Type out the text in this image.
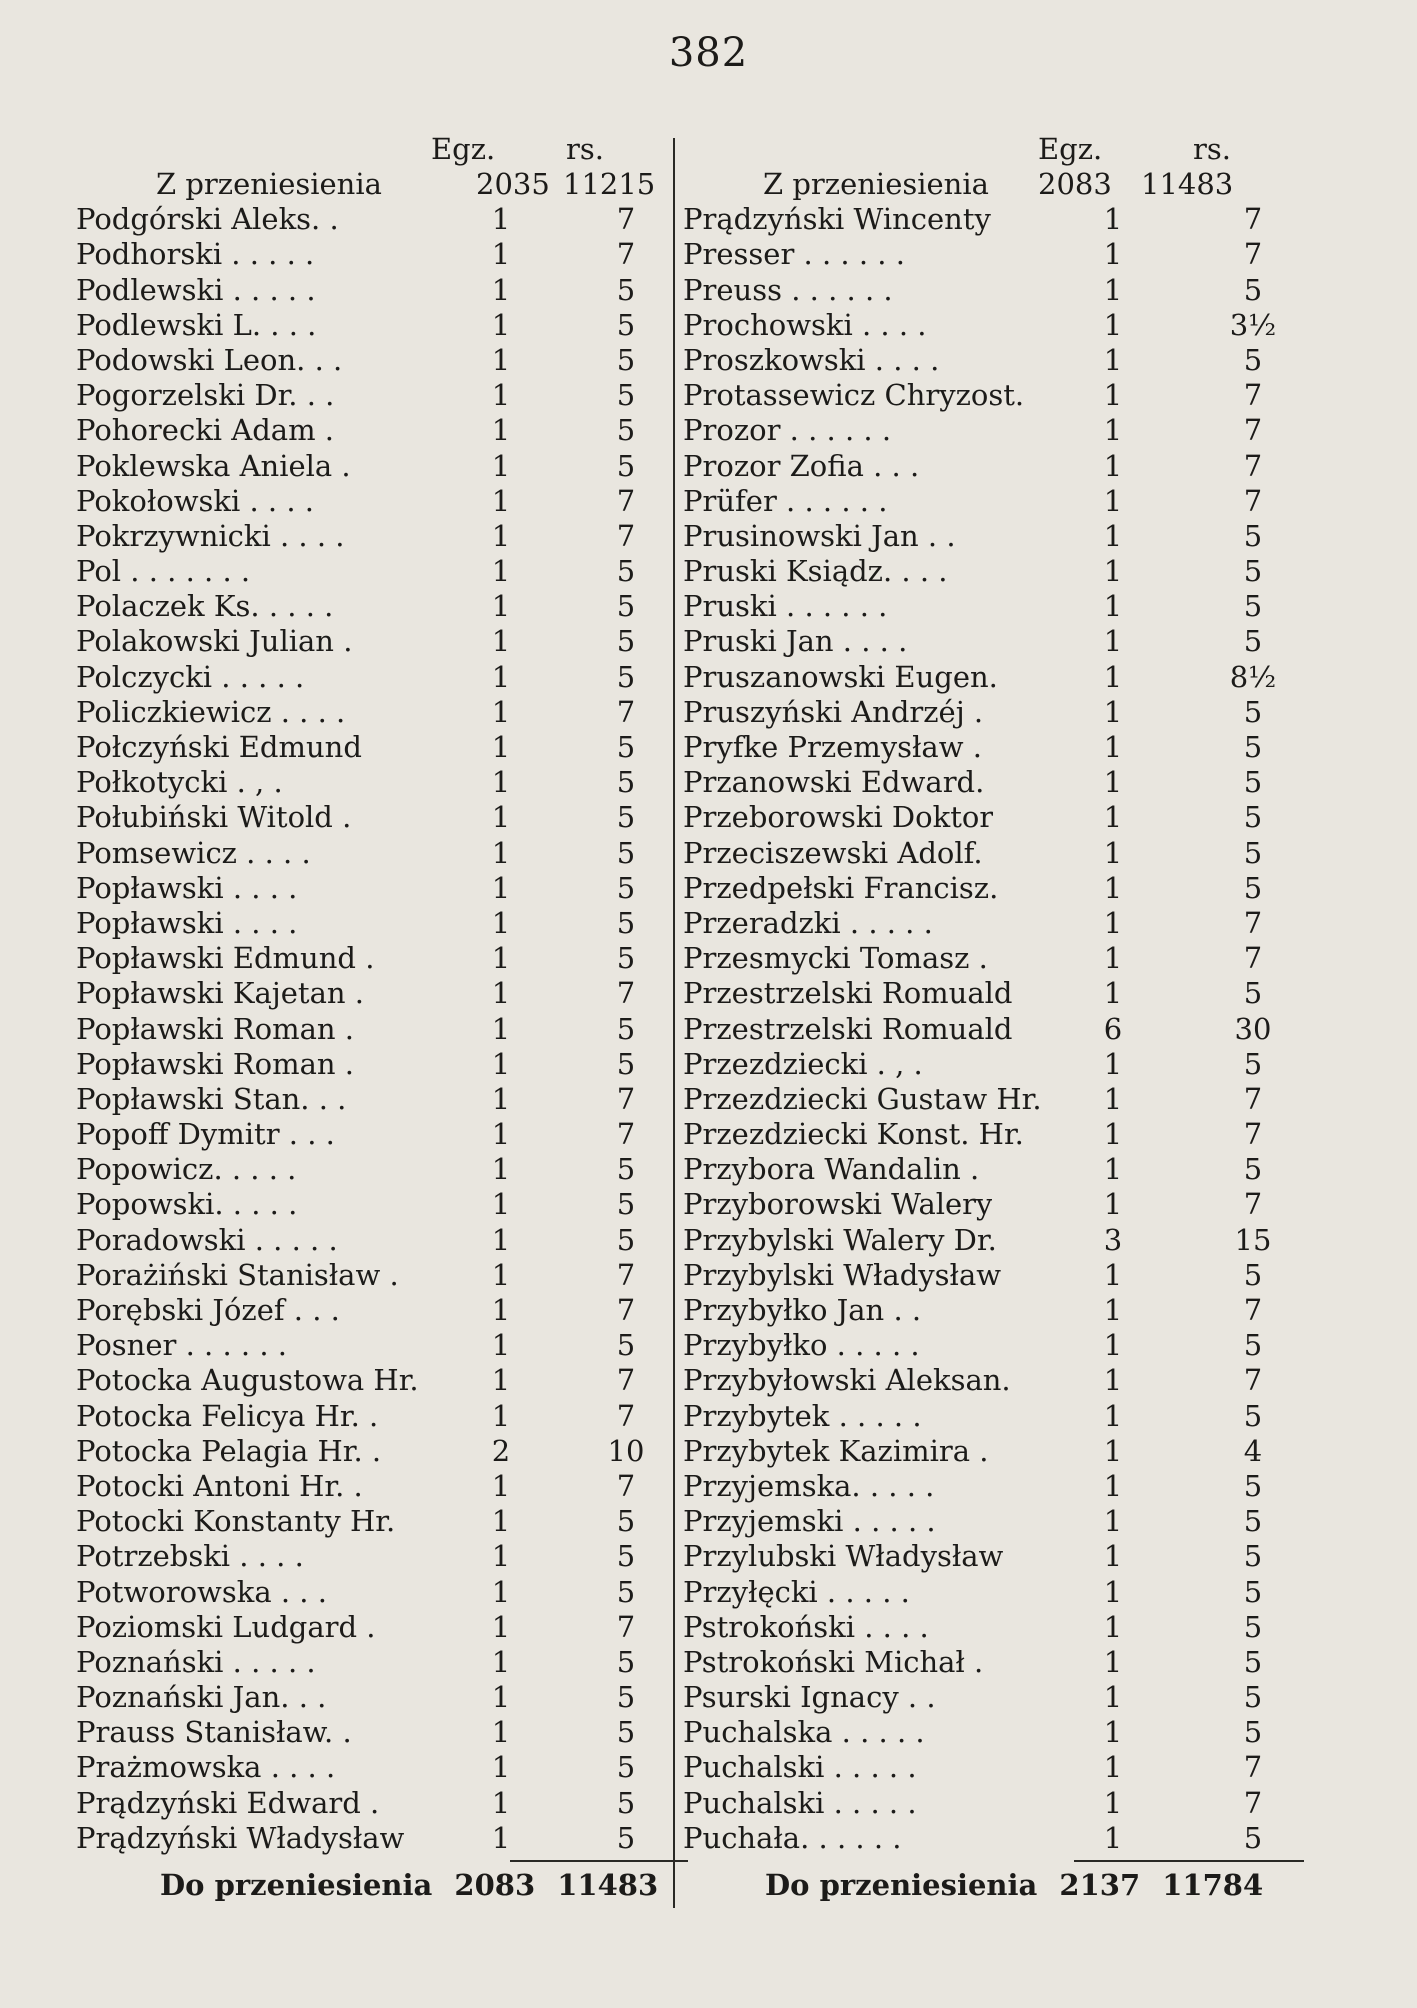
382
Egz. rs.
Z przeniesienia	2035 11215
Podgórski Aleks. .	1	7
Podhorski . . . . .	1	7
Podlewski . . . . .	1	5
Podlewski L. . . .	1	5
Podowski Leon. . .	1	5
Pogorzelski Dr. . .	1	5
Pohorecki Adam .	1	5
Poklewska Aniela .	1	5
Pokołowski . . . .	1	7
Pokrzywnicki . . . .	1	7
Pol . . . . . . .	1	5
Polaczek Ks. . . . .	1	5
Polakowski Julian .	1	5
Polczycki . . . . .	1	5
Policzkiewicz . . . .	1	7
Połczyński Edmund	1	5
Połkotycki . , .	1	5
Połubiński Witold .	1	5
Pomsewicz . . . .	1	5
Popławski . . . .	1	5
Popławski . . . .	1	5
Popławski Edmund .	1	5
Popławski Kajetan .	1	7
Popławski Roman .	1	5
Popławski Roman .	1	5
Popławski Stan. . .	1	7
Popoff Dymitr . . .	1	7
Popowicz. . . . .	1	5
Popowski. . . . .	1	5
Poradowski . . . . .	1	5
Porażiński Stanisław .	1	7
Porębski Józef . . .	1	7
Posner . . . . . .	1	5
Potocka Augustowa Hr.	1	7
Potocka Felicya Hr. .	1	7
Potocka Pelagia Hr. .	2	10
Potocki Antoni Hr. .	1	7
Potocki Konstanty Hr.	1	5
Potrzebski . . . .	1	5
Potworowska . . .	1	5
Poziomski Ludgard .	1	7
Poznański . . . . .	1	5
Poznański Jan. . .	1	5
Prauss Stanisław. .	1	5
Prażmowska . . . .	1	5
Prądzyński Edward .	1	5
Prądzyński Władysław	1	5
Egz.	rs.
Z przeniesienia 2083 11483
Prądzyński Wincenty	1	7
Presser . . . . . .	1	7
Preuss . . . . . .	1	5
Prochowski . . . .	1	3½
Proszkowski . . . .	1	5
Protassewicz Chryzost.	1	7
Prozor . . . . . .	1	7
Prozor Zofia . . .	1	7
Prüfer . . . . . .	1	7
Prusinowski Jan . .	1	5
Pruski Ksiądz. . . .	1	5
Pruski . . . . . .	1	5
Pruski Jan . . . .	1	5
Pruszanowski Eugen.	1	8½
Pruszyński Andrzéj .	1	5
Pryfke Przemysław .	1	5
Przanowski Edward.	1	5
Przeborowski Doktor	1	5
Przeciszewski Adolf.	1	5
Przedpełski Francisz.	1	5
Przeradzki . . . . .	1	7
Przesmycki Tomasz .	1	7
Przestrzelski Romuald	1	5
Przestrzelski Romuald	6	30
Przezdziecki . , .	1	5
Przezdziecki Gustaw Hr.	1	7
Przezdziecki Konst. Hr.	1	7
Przybora Wandalin .	1	5
Przyborowski Walery	1	7
Przybylski Walery Dr.	3	15
Przybylski Władysław	1	5
Przybyłko Jan . .	1	7
Przybyłko . . . . .	1	5
Przybyłowski Aleksan.	1	7
Przybytek . . . . .	1	5
Przybytek Kazimira .	1	4
Przyjemska. . . . .	1	5
Przyjemski . . . . .	1	5
Przylubski Władysław	1	5
Przyłęcki . . . . .	1	5
Pstrokoński . . . .	1	5
Pstrokoński Michał .	1	5
Psurski Ignacy . .	1	5
Puchalska . . . . .	1	5
Puchalski . . . . .	1	7
Puchalski . . . . .	1	7
Puchała. . . . . .	1	5
Do przeniesienia 2083 11483	Do przeniesienia 2137 11784
